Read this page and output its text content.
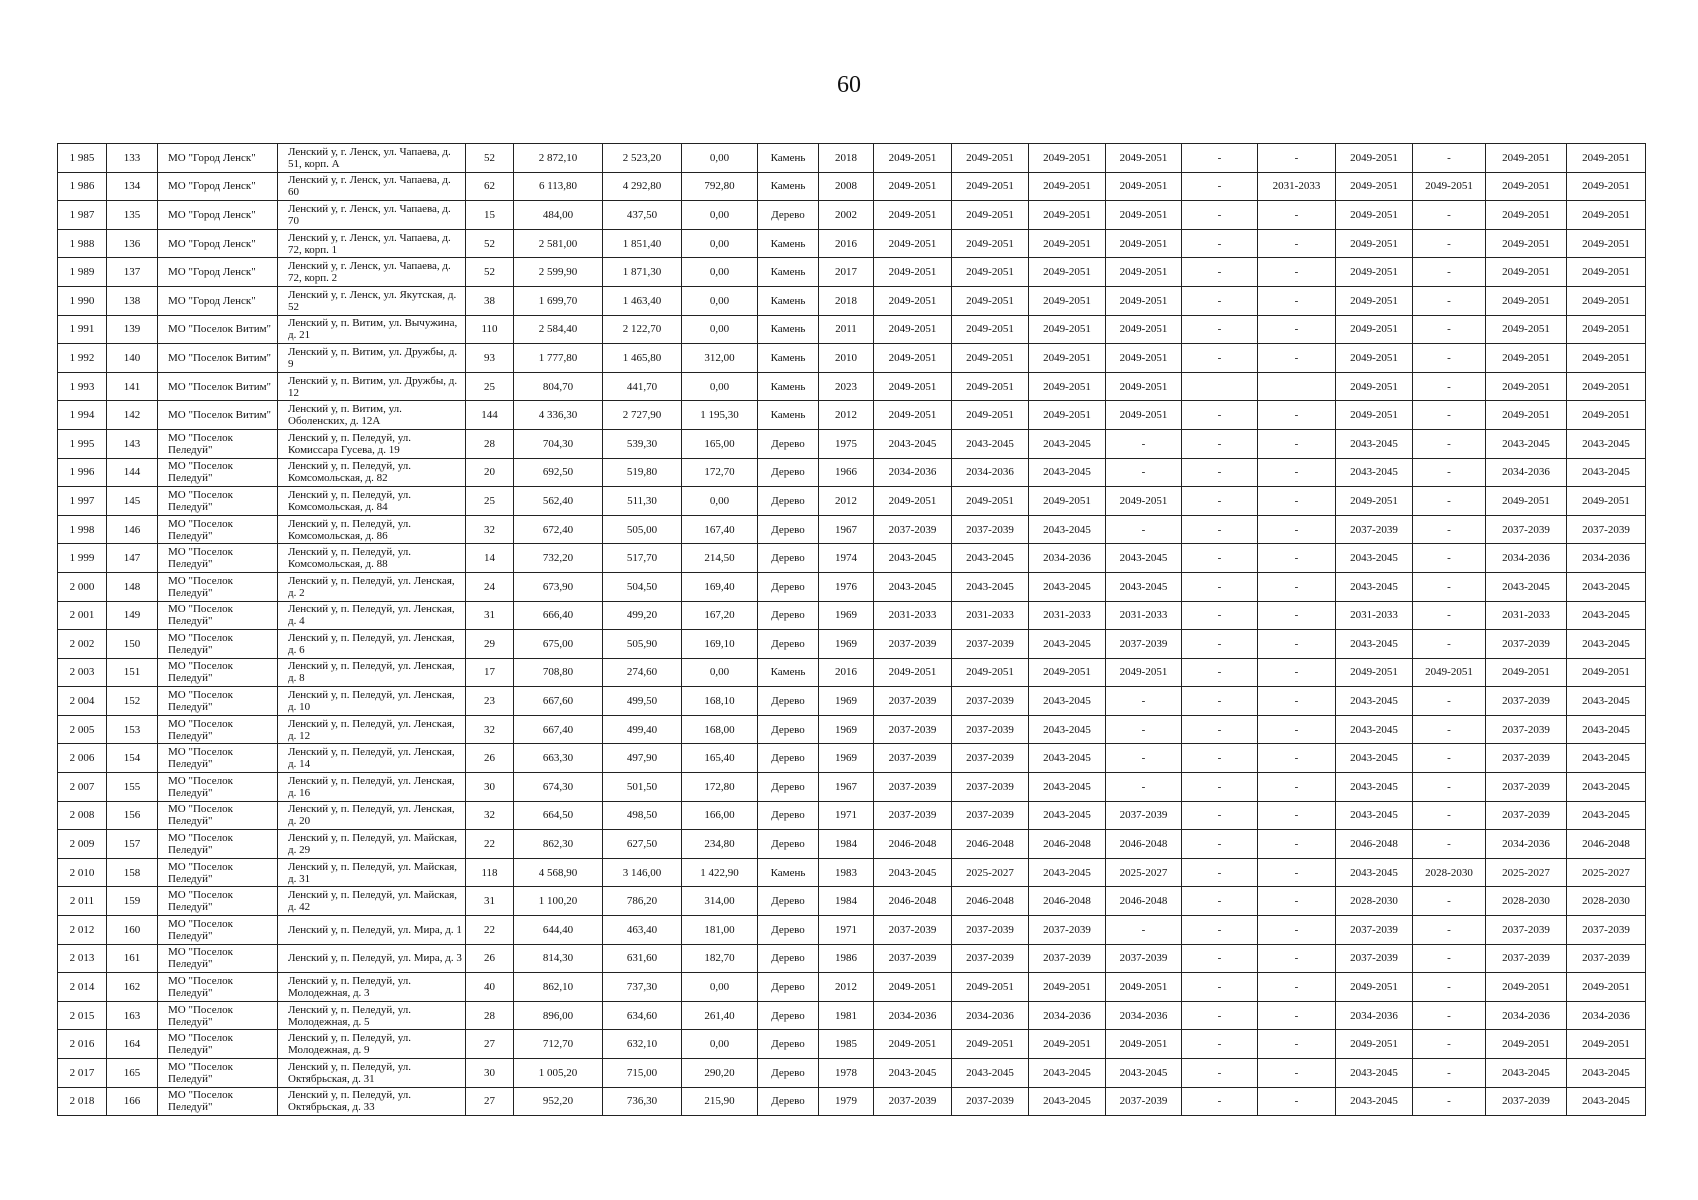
60
1 985	133	МО "Город Ленск"	Ленский у, г. Ленск, ул. Чапаева, д. 51, корп. А	52	2 872,10	2 523,20	0,00	Камень	2018	2049-2051	2049-2051	2049-2051	2049-2051	-	-	2049-2051	-	2049-2051	2049-2051
1 986	134	МО "Город Ленск"	Ленский у, г. Ленск, ул. Чапаева, д. 60	62	6 113,80	4 292,80	792,80	Камень	2008	2049-2051	2049-2051	2049-2051	2049-2051	-	2031-2033	2049-2051	2049-2051	2049-2051	2049-2051
1 987	135	МО "Город Ленск"	Ленский у, г. Ленск, ул. Чапаева, д. 70	15	484,00	437,50	0,00	Дерево	2002	2049-2051	2049-2051	2049-2051	2049-2051	-	-	2049-2051	-	2049-2051	2049-2051
1 988	136	МО "Город Ленск"	Ленский у, г. Ленск, ул. Чапаева, д. 72, корп. 1	52	2 581,00	1 851,40	0,00	Камень	2016	2049-2051	2049-2051	2049-2051	2049-2051	-	-	2049-2051	-	2049-2051	2049-2051
1 989	137	МО "Город Ленск"	Ленский у, г. Ленск, ул. Чапаева, д. 72, корп. 2	52	2 599,90	1 871,30	0,00	Камень	2017	2049-2051	2049-2051	2049-2051	2049-2051	-	-	2049-2051	-	2049-2051	2049-2051
1 990	138	МО "Город Ленск"	Ленский у, г. Ленск, ул. Якутская, д. 52	38	1 699,70	1 463,40	0,00	Камень	2018	2049-2051	2049-2051	2049-2051	2049-2051	-	-	2049-2051	-	2049-2051	2049-2051
1 991	139	МО "Поселок Витим"	Ленский у, п. Витим, ул. Вычужина, д. 21	110	2 584,40	2 122,70	0,00	Камень	2011	2049-2051	2049-2051	2049-2051	2049-2051	-	-	2049-2051	-	2049-2051	2049-2051
1 992	140	МО "Поселок Витим"	Ленский у, п. Витим, ул. Дружбы, д. 9	93	1 777,80	1 465,80	312,00	Камень	2010	2049-2051	2049-2051	2049-2051	2049-2051	-	-	2049-2051	-	2049-2051	2049-2051
1 993	141	МО "Поселок Витим"	Ленский у, п. Витим, ул. Дружбы, д. 12	25	804,70	441,70	0,00	Камень	2023	2049-2051	2049-2051	2049-2051	2049-2051			2049-2051	-	2049-2051	2049-2051
1 994	142	МО "Поселок Витим"	Ленский у, п. Витим, ул. Оболенских, д. 12А	144	4 336,30	2 727,90	1 195,30	Камень	2012	2049-2051	2049-2051	2049-2051	2049-2051	-	-	2049-2051	-	2049-2051	2049-2051
1 995	143	МО "Поселок Пеледуй"	Ленский у, п. Пеледуй, ул. Комиссара Гусева, д. 19	28	704,30	539,30	165,00	Дерево	1975	2043-2045	2043-2045	2043-2045	-	-	-	2043-2045	-	2043-2045	2043-2045
1 996	144	МО "Поселок Пеледуй"	Ленский у, п. Пеледуй, ул. Комсомольская, д. 82	20	692,50	519,80	172,70	Дерево	1966	2034-2036	2034-2036	2043-2045	-	-	-	2043-2045	-	2034-2036	2043-2045
1 997	145	МО "Поселок Пеледуй"	Ленский у, п. Пеледуй, ул. Комсомольская, д. 84	25	562,40	511,30	0,00	Дерево	2012	2049-2051	2049-2051	2049-2051	2049-2051	-	-	2049-2051	-	2049-2051	2049-2051
1 998	146	МО "Поселок Пеледуй"	Ленский у, п. Пеледуй, ул. Комсомольская, д. 86	32	672,40	505,00	167,40	Дерево	1967	2037-2039	2037-2039	2043-2045	-	-	-	2037-2039	-	2037-2039	2037-2039
1 999	147	МО "Поселок Пеледуй"	Ленский у, п. Пеледуй, ул. Комсомольская, д. 88	14	732,20	517,70	214,50	Дерево	1974	2043-2045	2043-2045	2034-2036	2043-2045	-	-	2043-2045	-	2034-2036	2034-2036
2 000	148	МО "Поселок Пеледуй"	Ленский у, п. Пеледуй, ул. Ленская, д. 2	24	673,90	504,50	169,40	Дерево	1976	2043-2045	2043-2045	2043-2045	2043-2045	-	-	2043-2045	-	2043-2045	2043-2045
2 001	149	МО "Поселок Пеледуй"	Ленский у, п. Пеледуй, ул. Ленская, д. 4	31	666,40	499,20	167,20	Дерево	1969	2031-2033	2031-2033	2031-2033	2031-2033	-	-	2031-2033	-	2031-2033	2043-2045
2 002	150	МО "Поселок Пеледуй"	Ленский у, п. Пеледуй, ул. Ленская, д. 6	29	675,00	505,90	169,10	Дерево	1969	2037-2039	2037-2039	2043-2045	2037-2039	-	-	2043-2045	-	2037-2039	2043-2045
2 003	151	МО "Поселок Пеледуй"	Ленский у, п. Пеледуй, ул. Ленская, д. 8	17	708,80	274,60	0,00	Камень	2016	2049-2051	2049-2051	2049-2051	2049-2051	-	-	2049-2051	2049-2051	2049-2051	2049-2051
2 004	152	МО "Поселок Пеледуй"	Ленский у, п. Пеледуй, ул. Ленская, д. 10	23	667,60	499,50	168,10	Дерево	1969	2037-2039	2037-2039	2043-2045	-	-	-	2043-2045	-	2037-2039	2043-2045
2 005	153	МО "Поселок Пеледуй"	Ленский у, п. Пеледуй, ул. Ленская, д. 12	32	667,40	499,40	168,00	Дерево	1969	2037-2039	2037-2039	2043-2045	-	-	-	2043-2045	-	2037-2039	2043-2045
2 006	154	МО "Поселок Пеледуй"	Ленский у, п. Пеледуй, ул. Ленская, д. 14	26	663,30	497,90	165,40	Дерево	1969	2037-2039	2037-2039	2043-2045	-	-	-	2043-2045	-	2037-2039	2043-2045
2 007	155	МО "Поселок Пеледуй"	Ленский у, п. Пеледуй, ул. Ленская, д. 16	30	674,30	501,50	172,80	Дерево	1967	2037-2039	2037-2039	2043-2045	-	-	-	2043-2045	-	2037-2039	2043-2045
2 008	156	МО "Поселок Пеледуй"	Ленский у, п. Пеледуй, ул. Ленская, д. 20	32	664,50	498,50	166,00	Дерево	1971	2037-2039	2037-2039	2043-2045	2037-2039	-	-	2043-2045	-	2037-2039	2043-2045
2 009	157	МО "Поселок Пеледуй"	Ленский у, п. Пеледуй, ул. Майская, д. 29	22	862,30	627,50	234,80	Дерево	1984	2046-2048	2046-2048	2046-2048	2046-2048	-	-	2046-2048	-	2034-2036	2046-2048
2 010	158	МО "Поселок Пеледуй"	Ленский у, п. Пеледуй, ул. Майская, д. 31	118	4 568,90	3 146,00	1 422,90	Камень	1983	2043-2045	2025-2027	2043-2045	2025-2027	-	-	2043-2045	2028-2030	2025-2027	2025-2027
2 011	159	МО "Поселок Пеледуй"	Ленский у, п. Пеледуй, ул. Майская, д. 42	31	1 100,20	786,20	314,00	Дерево	1984	2046-2048	2046-2048	2046-2048	2046-2048	-	-	2028-2030	-	2028-2030	2028-2030
2 012	160	МО "Поселок Пеледуй"	Ленский у, п. Пеледуй, ул. Мира, д. 1	22	644,40	463,40	181,00	Дерево	1971	2037-2039	2037-2039	2037-2039	-	-	-	2037-2039	-	2037-2039	2037-2039
2 013	161	МО "Поселок Пеледуй"	Ленский у, п. Пеледуй, ул. Мира, д. 3	26	814,30	631,60	182,70	Дерево	1986	2037-2039	2037-2039	2037-2039	2037-2039	-	-	2037-2039	-	2037-2039	2037-2039
2 014	162	МО "Поселок Пеледуй"	Ленский у, п. Пеледуй, ул. Молодежная, д. 3	40	862,10	737,30	0,00	Дерево	2012	2049-2051	2049-2051	2049-2051	2049-2051	-	-	2049-2051	-	2049-2051	2049-2051
2 015	163	МО "Поселок Пеледуй"	Ленский у, п. Пеледуй, ул. Молодежная, д. 5	28	896,00	634,60	261,40	Дерево	1981	2034-2036	2034-2036	2034-2036	2034-2036	-	-	2034-2036	-	2034-2036	2034-2036
2 016	164	МО "Поселок Пеледуй"	Ленский у, п. Пеледуй, ул. Молодежная, д. 9	27	712,70	632,10	0,00	Дерево	1985	2049-2051	2049-2051	2049-2051	2049-2051	-	-	2049-2051	-	2049-2051	2049-2051
2 017	165	МО "Поселок Пеледуй"	Ленский у, п. Пеледуй, ул. Октябрьская, д. 31	30	1 005,20	715,00	290,20	Дерево	1978	2043-2045	2043-2045	2043-2045	2043-2045	-	-	2043-2045	-	2043-2045	2043-2045
2 018	166	МО "Поселок Пеледуй"	Ленский у, п. Пеледуй, ул. Октябрьская, д. 33	27	952,20	736,30	215,90	Дерево	1979	2037-2039	2037-2039	2043-2045	2037-2039	-	-	2043-2045	-	2037-2039	2043-2045
